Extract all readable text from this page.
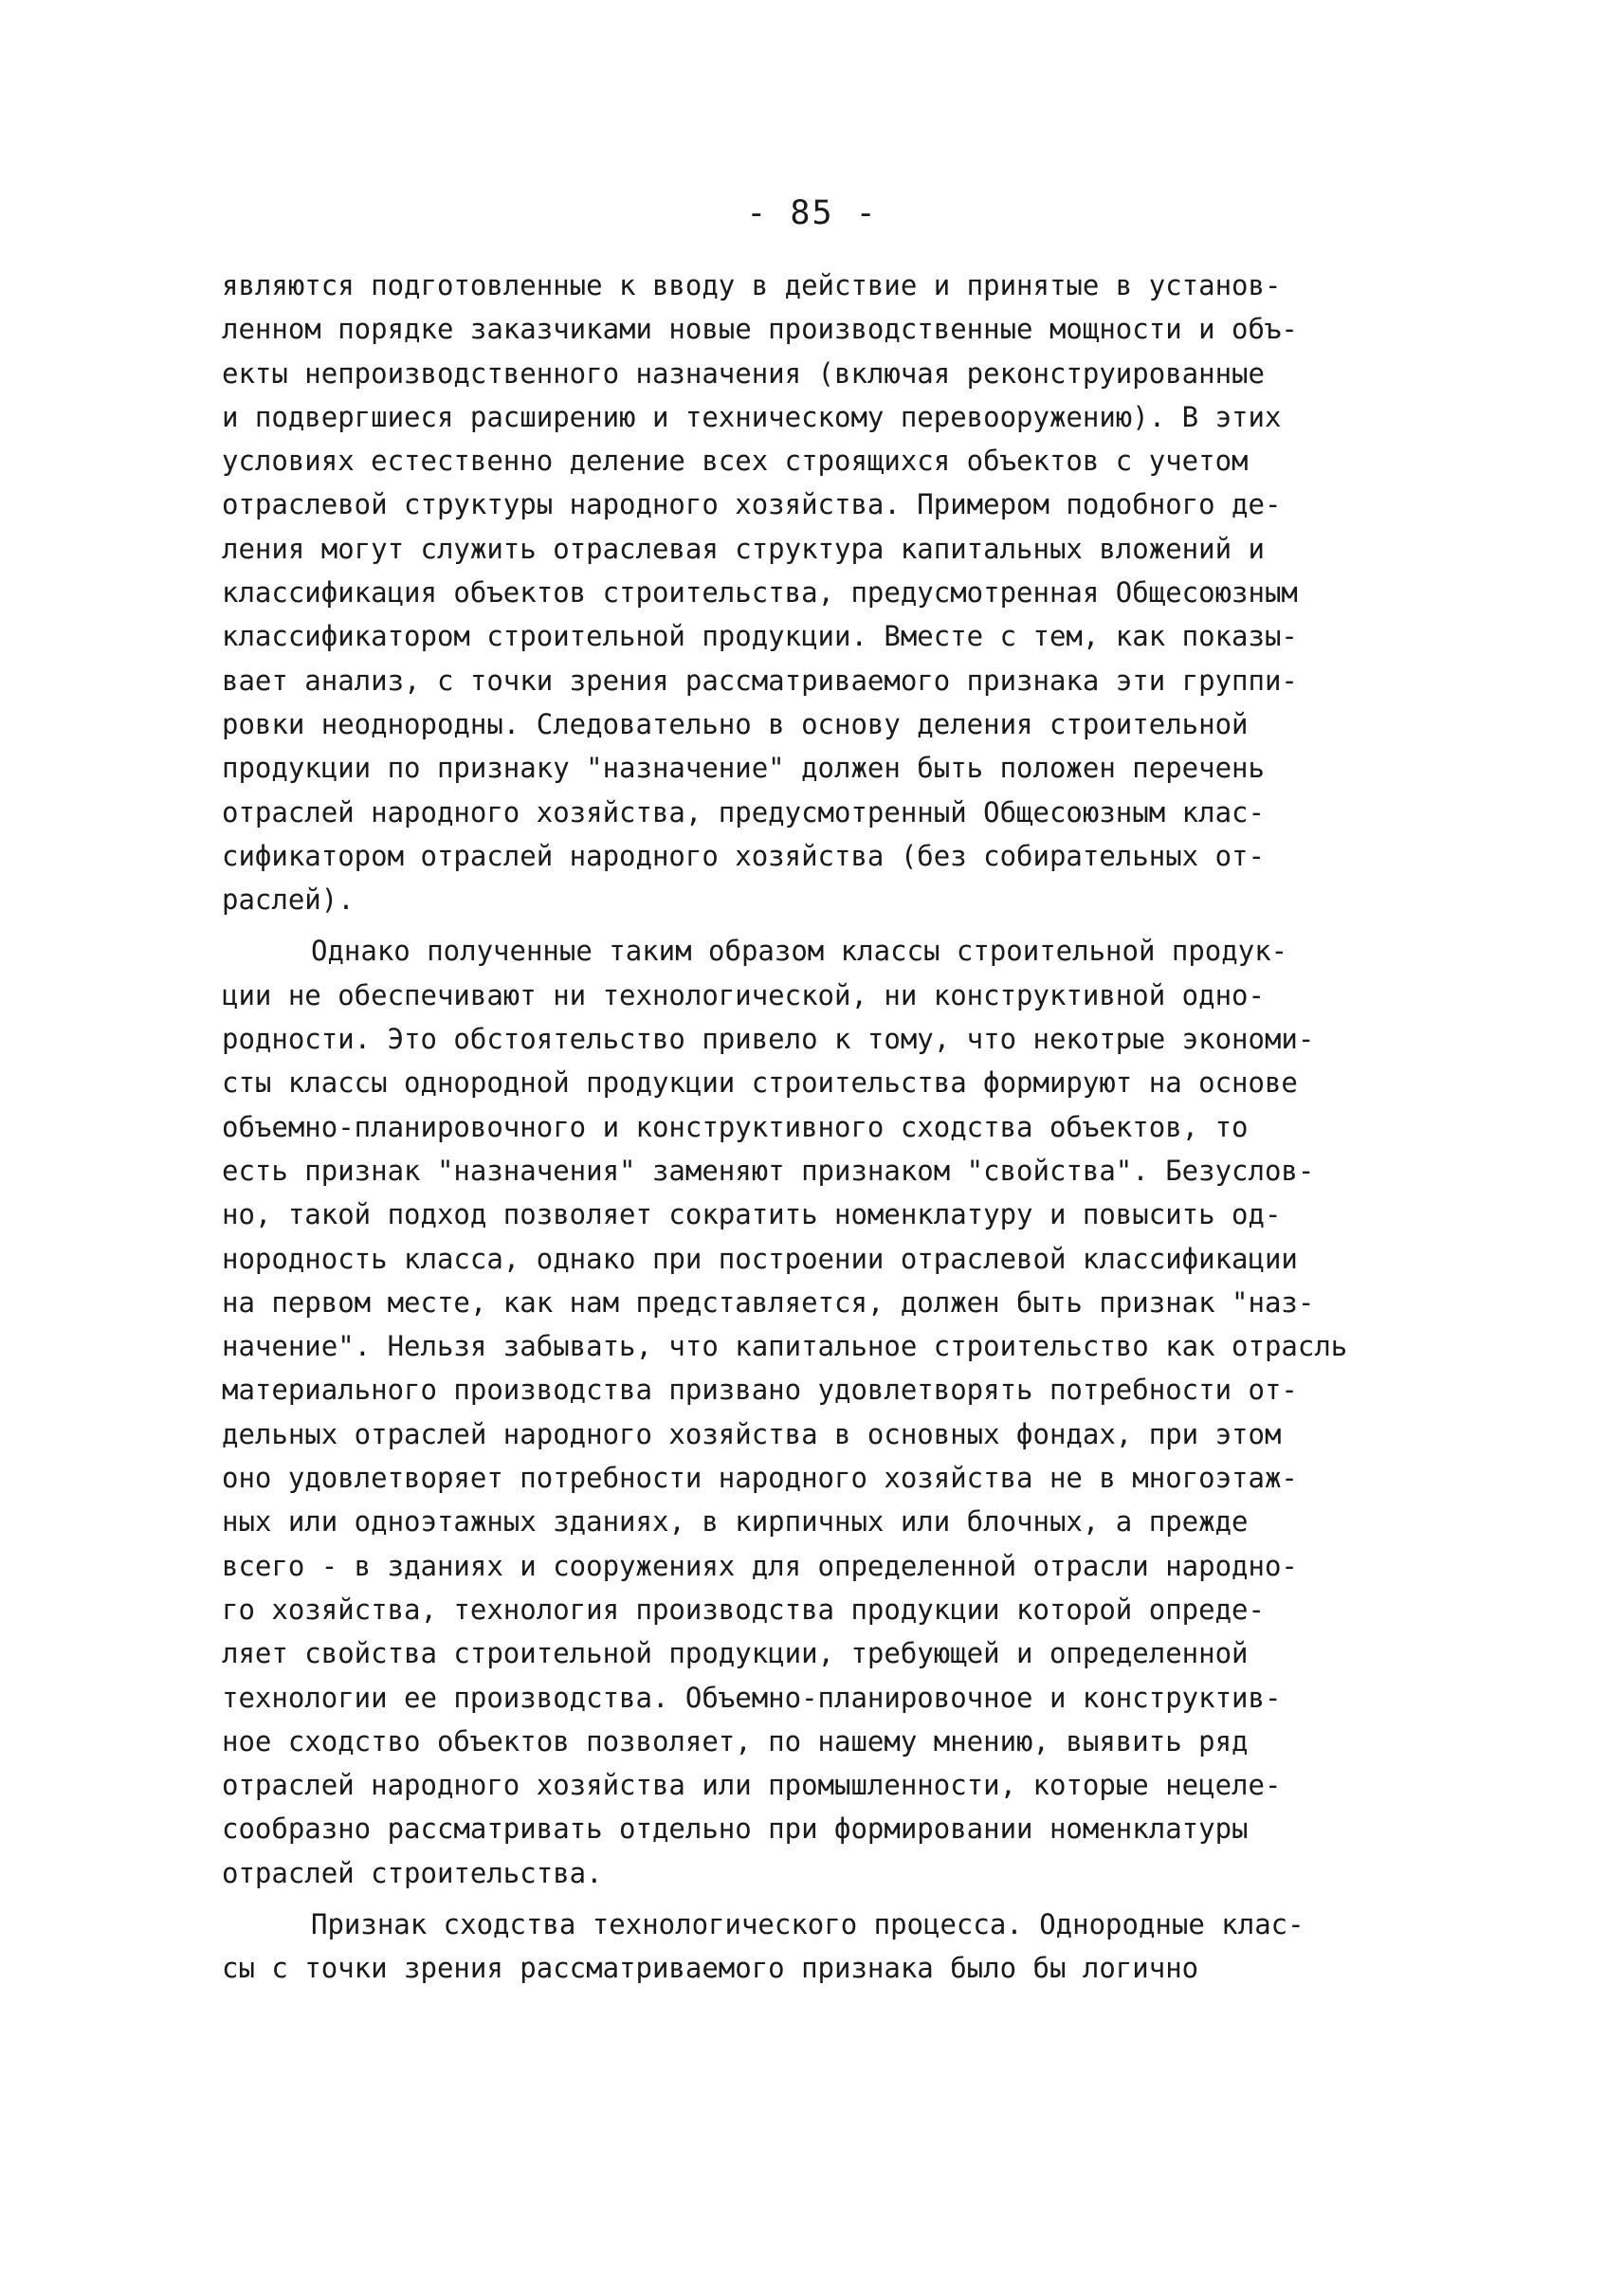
- 85 -
являются подготовленные к вводу в действие и принятые в установ-
ленном порядке заказчиками новые производственные мощности и объ-
екты непроизводственного назначения (включая реконструированные
и подвергшиеся расширению и техническому перевооружению). В этих
условиях естественно деление всех строящихся объектов с учетом
отраслевой структуры народного хозяйства. Примером подобного де-
ления могут служить отраслевая структура капитальных вложений и
классификация объектов строительства, предусмотренная Общесоюзным
классификатором строительной продукции. Вместе с тем, как показы-
вает анализ, с точки зрения рассматриваемого признака эти группи-
ровки неоднородны. Следовательно в основу деления строительной
продукции по признаку "назначение" должен быть положен перечень
отраслей народного хозяйства, предусмотренный Общесоюзным клас-
сификатором отраслей народного хозяйства (без собирательных от-
раслей).
Однако полученные таким образом классы строительной продук-
ции не обеспечивают ни технологической, ни конструктивной одно-
родности. Это обстоятельство привело к тому, что некотрые экономи-
сты классы однородной продукции строительства формируют на основе
объемно-планировочного и конструктивного сходства объектов, то
есть признак "назначения" заменяют признаком "свойства". Безуслов-
но, такой подход позволяет сократить номенклатуру и повысить од-
нородность класса, однако при построении отраслевой классификации
на первом месте, как нам представляется, должен быть признак "наз-
начение". Нельзя забывать, что капитальное строительство как отрасль
материального производства призвано удовлетворять потребности от-
дельных отраслей народного хозяйства в основных фондах, при этом
оно удовлетворяет потребности народного хозяйства не в многоэтаж-
ных или одноэтажных зданиях, в кирпичных или блочных, а прежде
всего - в зданиях и сооружениях для определенной отрасли народно-
го хозяйства, технология производства продукции которой опреде-
ляет свойства строительной продукции, требующей и определенной
технологии ее производства. Объемно-планировочное и конструктив-
ное сходство объектов позволяет, по нашему мнению, выявить ряд
отраслей народного хозяйства или промышленности, которые нецеле-
сообразно рассматривать отдельно при формировании номенклатуры
отраслей строительства.
Признак сходства технологического процесса. Однородные клас-
сы с точки зрения рассматриваемого признака было бы логично
